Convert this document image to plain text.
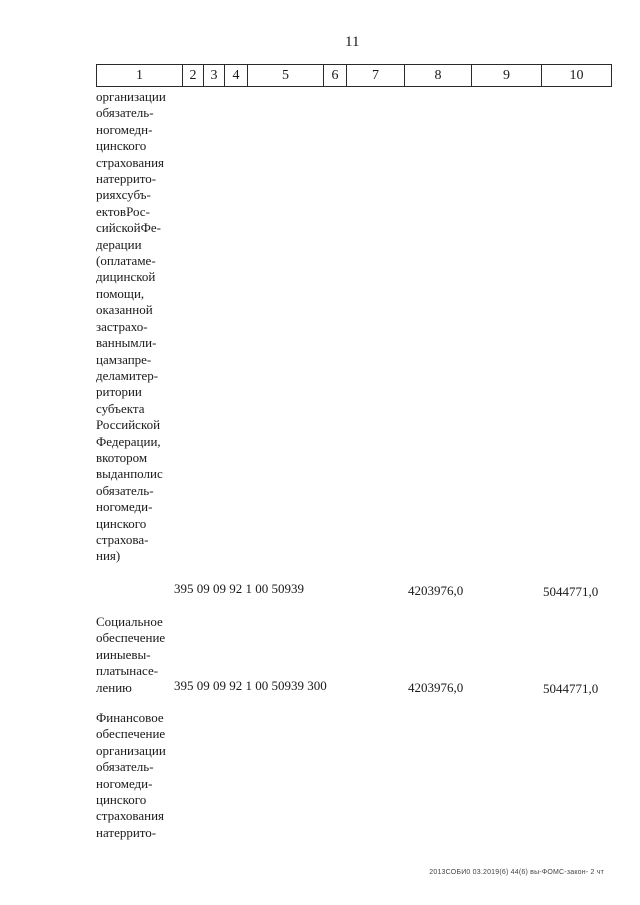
11
1	2	3	4	5	6	7	8	9	10
организации
обязатель-
ногомедн-
цинского
страхования
натеррито-
рияхсубъ-
ектовРос-
сийскойФе-
дерации
(оплатаме-
дицинской
помощи,
оказанной
застрахо-
ваннымли-
цамзапре-
деламитер-
ритории
субъекта
Российской
Федерации,
вкотором
выданполис
обязатель-
ногомеди-
цинского
страхова-
ния)
395 09 09 92 1 00 50939	4203976,0	5044771,0
Социальное
обеспечение
ииныевы-
платынасе-
лению	395 09 09 92 1 00 50939 300	4203976,0	5044771,0
Финансовое
обеспечение
организации
обязатель-
ногомеди-
цинского
страхования
натеррито-
2013СОБИ0 03.2019(6) 44(6) вы-ФОМС-закон- 2 чт
